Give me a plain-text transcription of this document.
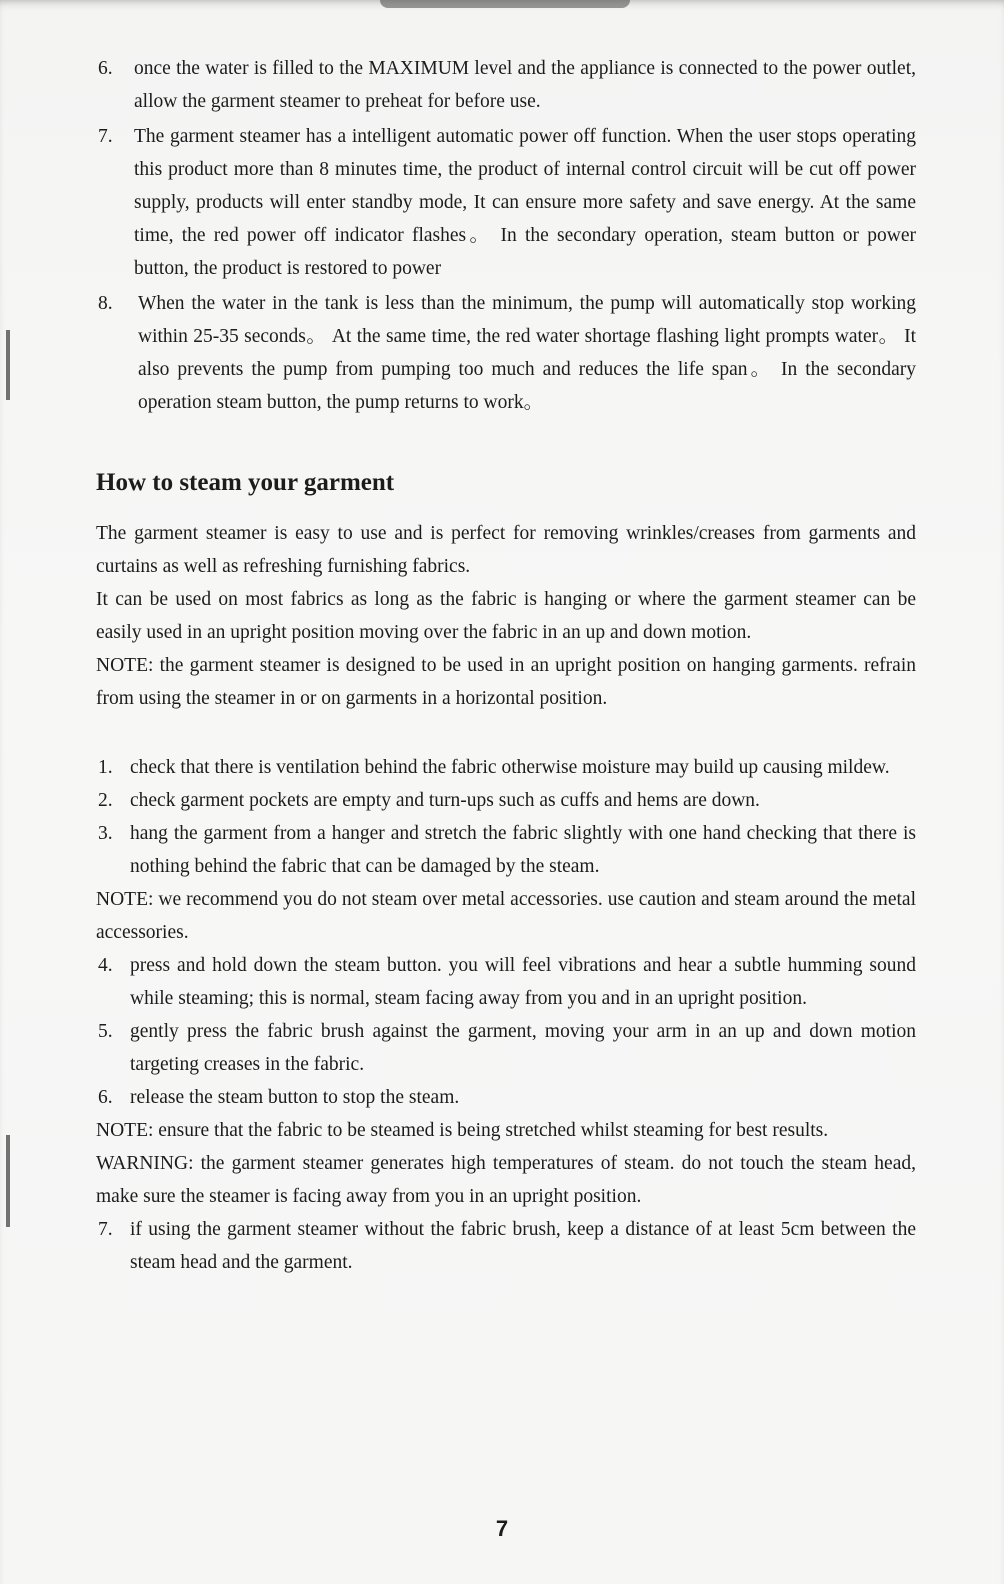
6. once the water is filled to the MAXIMUM level and the appliance is connected to the power outlet, allow the garment steamer to preheat for before use.
7. The garment steamer has a intelligent automatic power off function. When the user stops operating this product more than 8 minutes time, the product of internal control circuit will be cut off power supply, products will enter standby mode, It can ensure more safety and save energy. At the same time, the red power off indicator flashes。 In the secondary operation, steam button or power button, the product is restored to power
8. When the water in the tank is less than the minimum, the pump will automatically stop working within 25-35 seconds。 At the same time, the red water shortage flashing light prompts water。 It also prevents the pump from pumping too much and reduces the life span。 In the secondary operation steam button, the pump returns to work。
How to steam your garment

The garment steamer is easy to use and is perfect for removing wrinkles/creases from garments and curtains as well as refreshing furnishing fabrics.

It can be used on most fabrics as long as the fabric is hanging or where the garment steamer can be easily used in an upright position moving over the fabric in an up and down motion.

NOTE: the garment steamer is designed to be used in an upright position on hanging garments. refrain from using the steamer in or on garments in a horizontal position.

1. check that there is ventilation behind the fabric otherwise moisture may build up causing mildew.
2. check garment pockets are empty and turn-ups such as cuffs and hems are down.
3. hang the garment from a hanger and stretch the fabric slightly with one hand checking that there is nothing behind the fabric that can be damaged by the steam.

NOTE: we recommend you do not steam over metal accessories. use caution and steam around the metal accessories.

4. press and hold down the steam button. you will feel vibrations and hear a subtle humming sound while steaming; this is normal, steam facing away from you and in an upright position.
5. gently press the fabric brush against the garment, moving your arm in an up and down motion targeting creases in the fabric.
6. release the steam button to stop the steam.

NOTE: ensure that the fabric to be steamed is being stretched whilst steaming for best results.

WARNING: the garment steamer generates high temperatures of steam. do not touch the steam head, make sure the steamer is facing away from you in an upright position.

7. if using the garment steamer without the fabric brush, keep a distance of at least 5cm between the steam head and the garment.
7
